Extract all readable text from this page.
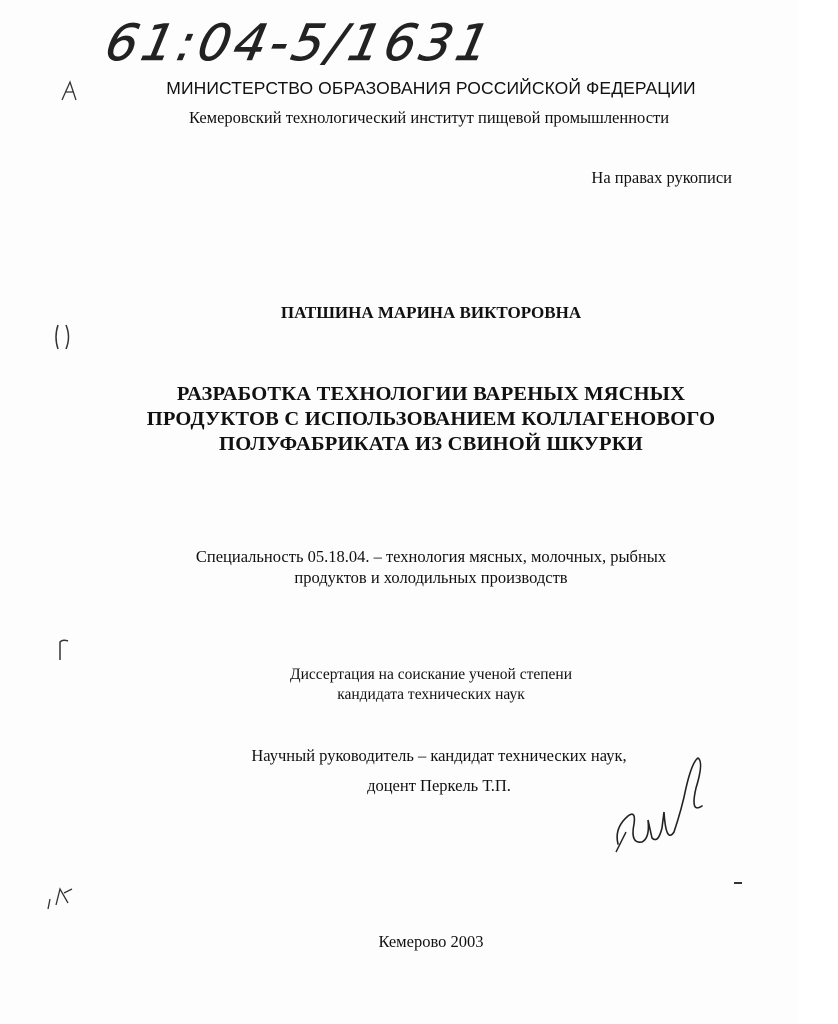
61:04-5/1631
МИНИСТЕРСТВО ОБРАЗОВАНИЯ РОССИЙСКОЙ ФЕДЕРАЦИИ
Кемеровский технологический институт пищевой промышленности
На правах рукописи
ПАТШИНА МАРИНА ВИКТОРОВНА
РАЗРАБОТКА ТЕХНОЛОГИИ ВАРЕНЫХ МЯСНЫХ
ПРОДУКТОВ С ИСПОЛЬЗОВАНИЕМ КОЛЛАГЕНОВОГО
ПОЛУФАБРИКАТА ИЗ СВИНОЙ ШКУРКИ
Специальность 05.18.04. – технология мясных, молочных, рыбных
продуктов и холодильных производств
Диссертация на соискание ученой степени
кандидата технических наук
Научный руководитель – кандидат технических наук,
доцент Перкель Т.П.
Кемерово 2003
